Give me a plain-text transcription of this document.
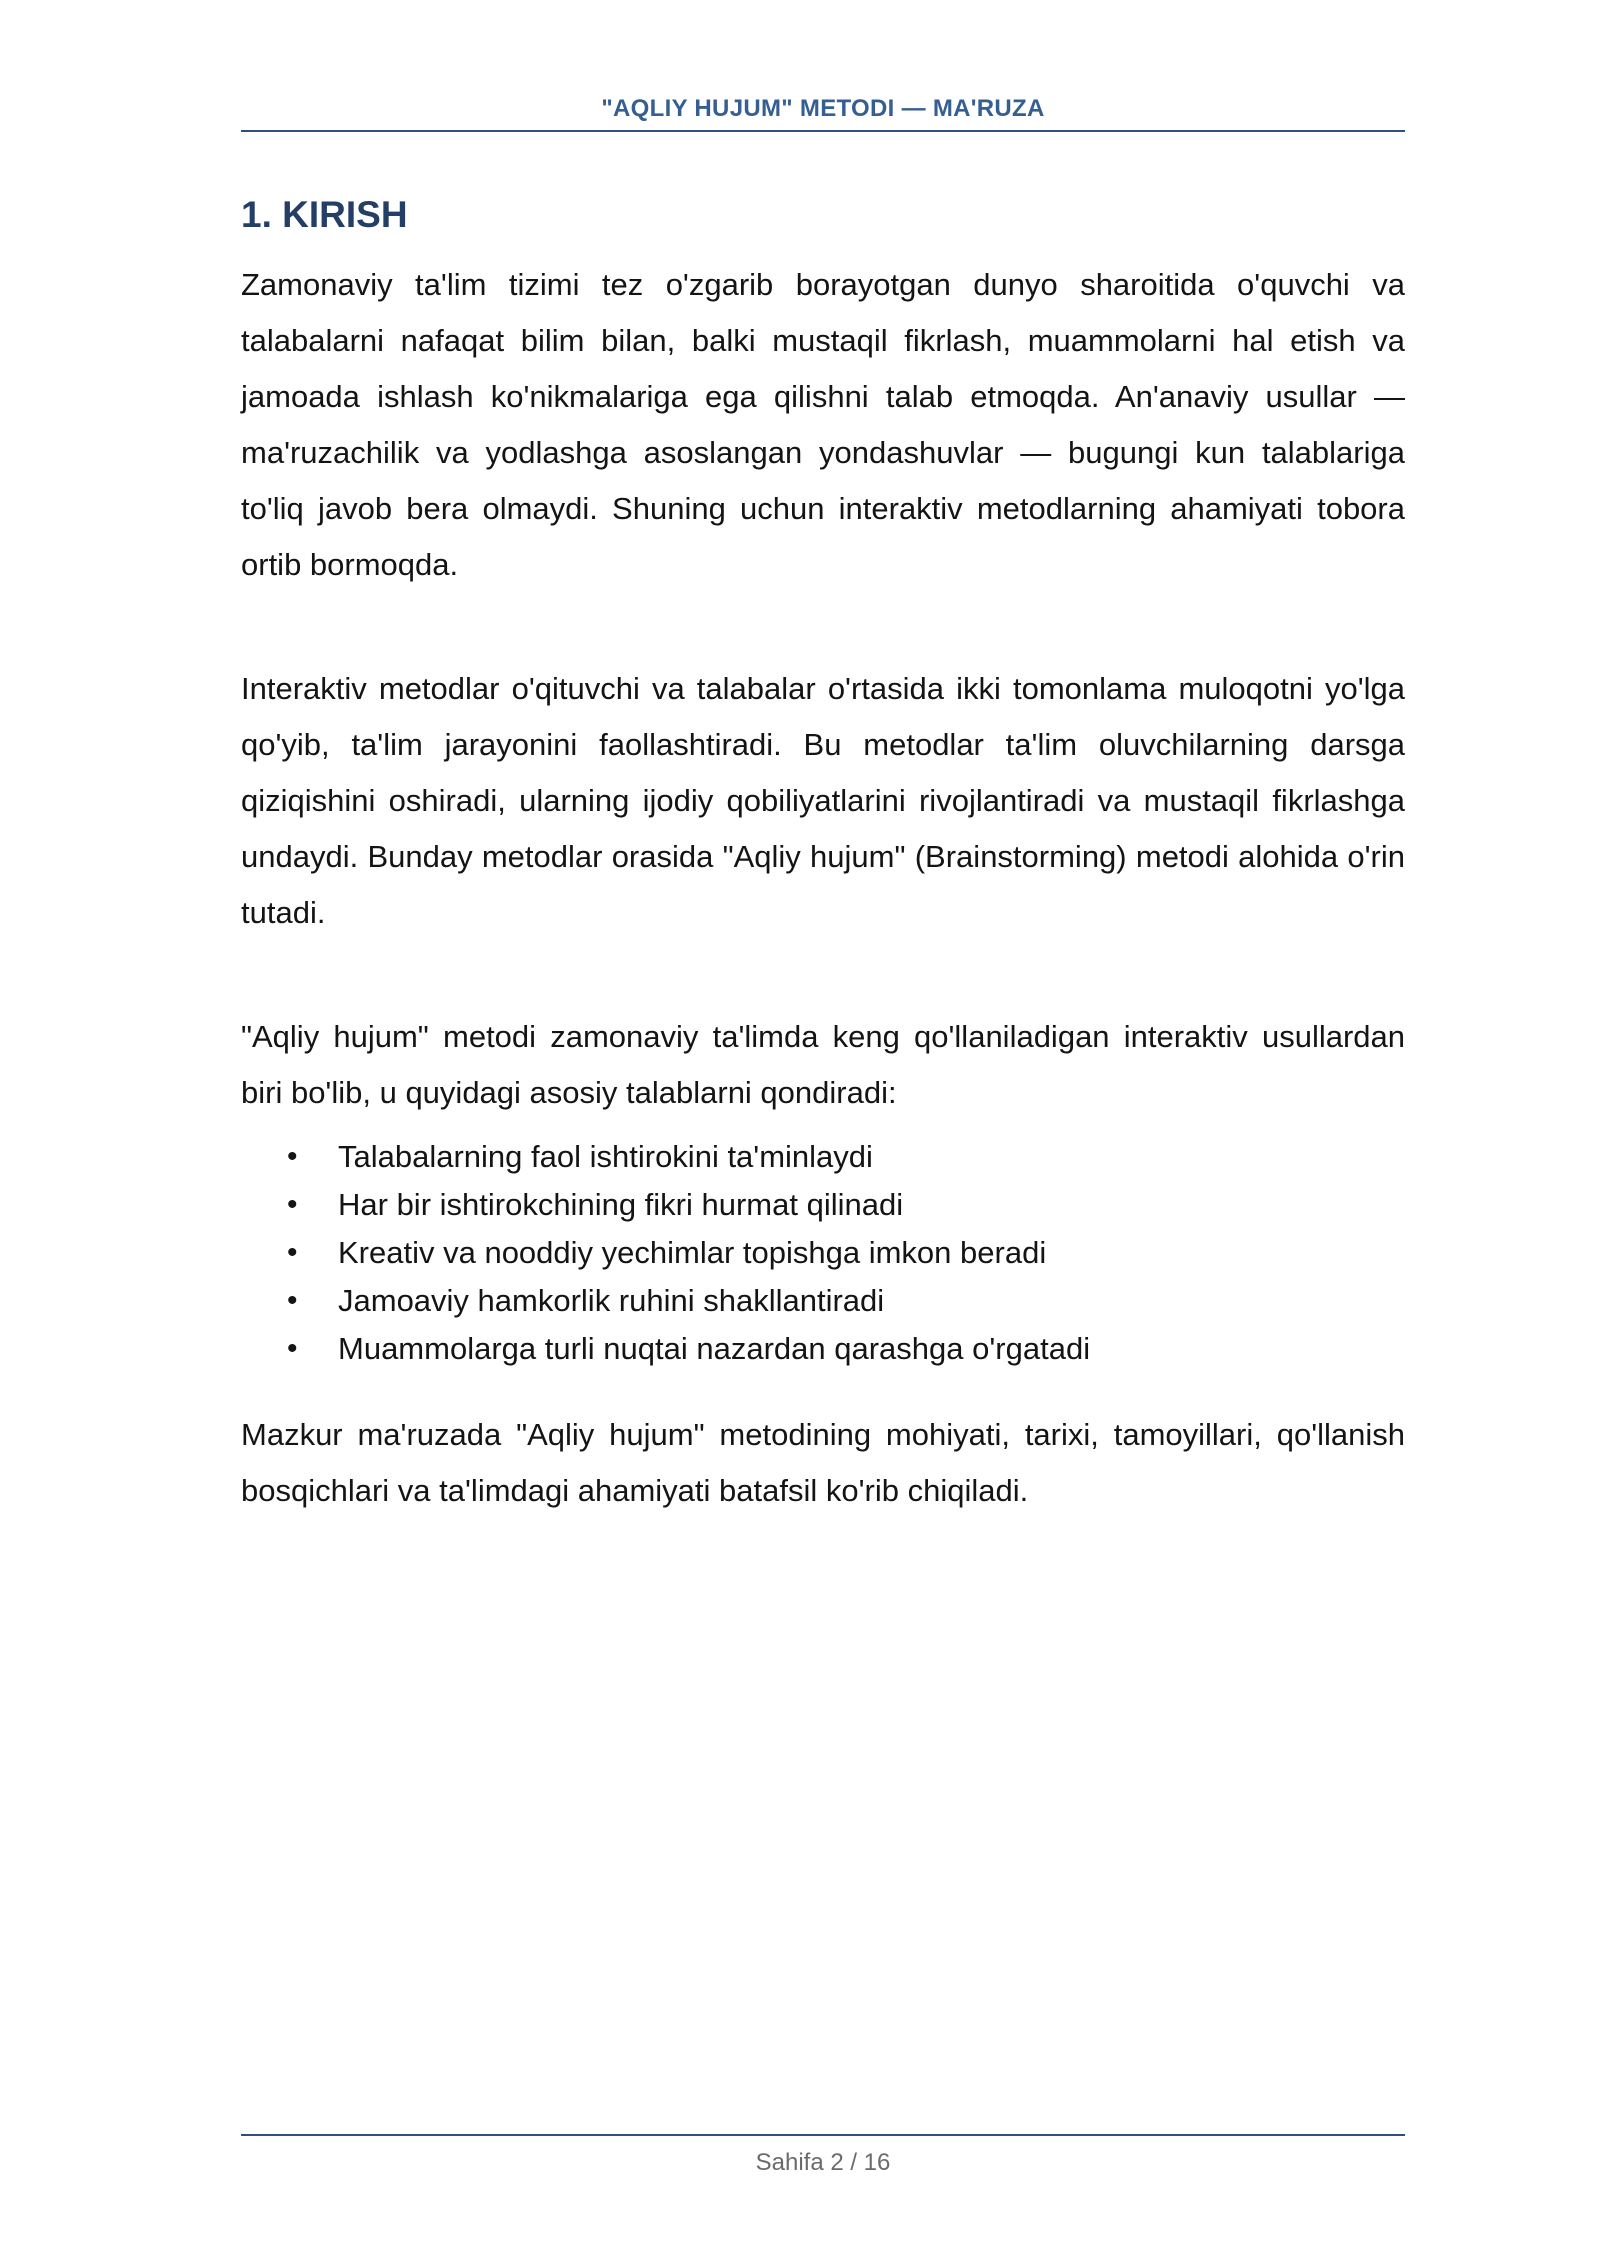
"AQLIY HUJUM" METODI — MA'RUZA
1. KIRISH

Zamonaviy ta'lim tizimi tez o'zgarib borayotgan dunyo sharoitida o'quvchi va talabalarni nafaqat bilim bilan, balki mustaqil fikrlash, muammolarni hal etish va jamoada ishlash ko'nikmalariga ega qilishni talab etmoqda. An'anaviy usullar — ma'ruzachilik va yodlashga asoslangan yondashuvlar — bugungi kun talablariga to'liq javob bera olmaydi. Shuning uchun interaktiv metodlarning ahamiyati tobora ortib bormoqda.

Interaktiv metodlar o'qituvchi va talabalar o'rtasida ikki tomonlama muloqotni yo'lga qo'yib, ta'lim jarayonini faollashtiradi. Bu metodlar ta'lim oluvchilarning darsga qiziqishini oshiradi, ularning ijodiy qobiliyatlarini rivojlantiradi va mustaqil fikrlashga undaydi. Bunday metodlar orasida "Aqliy hujum" (Brainstorming) metodi alohida o'rin tutadi.

"Aqliy hujum" metodi zamonaviy ta'limda keng qo'llaniladigan interaktiv usullardan biri bo'lib, u quyidagi asosiy talablarni qondiradi:

• Talabalarning faol ishtirokini ta'minlaydi
• Har bir ishtirokchining fikri hurmat qilinadi
• Kreativ va nooddiy yechimlar topishga imkon beradi
• Jamoaviy hamkorlik ruhini shakllantiradi
• Muammolarga turli nuqtai nazardan qarashga o'rgatadi

Mazkur ma'ruzada "Aqliy hujum" metodining mohiyati, tarixi, tamoyillari, qo'llanish bosqichlari va ta'limdagi ahamiyati batafsil ko'rib chiqiladi.

Sahifa 2 / 16
